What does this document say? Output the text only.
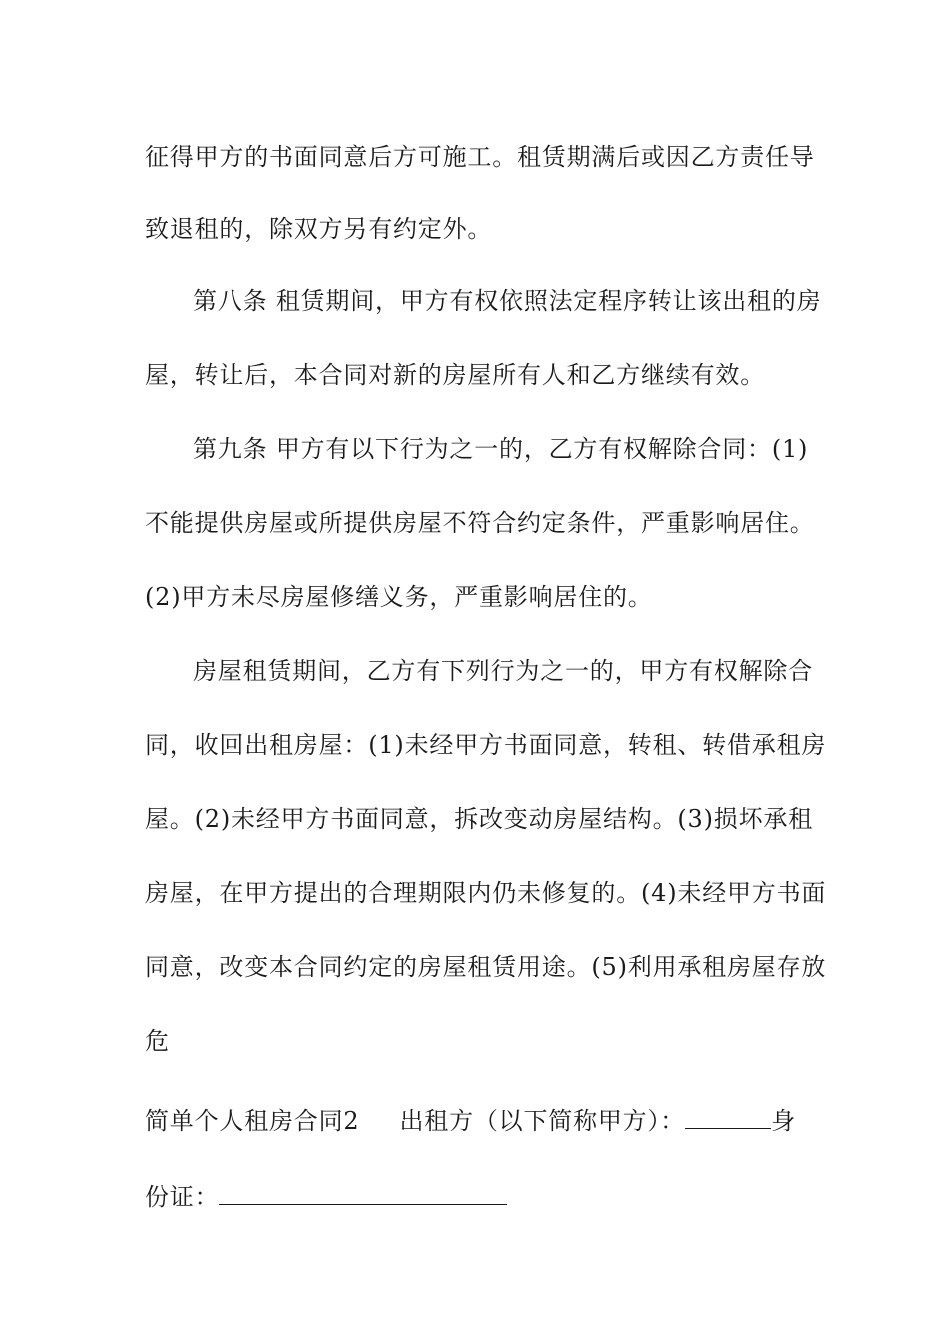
征得甲方的书面同意后方可施工。租赁期满后或因乙方责任导
致退租的，除双方另有约定外。
第八条 租赁期间，甲方有权依照法定程序转让该出租的房
屋，转让后，本合同对新的房屋所有人和乙方继续有效。
第九条 甲方有以下行为之一的，乙方有权解除合同：(1)
不能提供房屋或所提供房屋不符合约定条件，严重影响居住。
(2)甲方未尽房屋修缮义务，严重影响居住的。
房屋租赁期间，乙方有下列行为之一的，甲方有权解除合
同，收回出租房屋：(1)未经甲方书面同意，转租、转借承租房
屋。(2)未经甲方书面同意，拆改变动房屋结构。(3)损坏承租
房屋，在甲方提出的合理期限内仍未修复的。(4)未经甲方书面
同意，改变本合同约定的房屋租赁用途。(5)利用承租房屋存放
危
简单个人租房合同2 出租方（以下简称甲方）：	身
份证：
